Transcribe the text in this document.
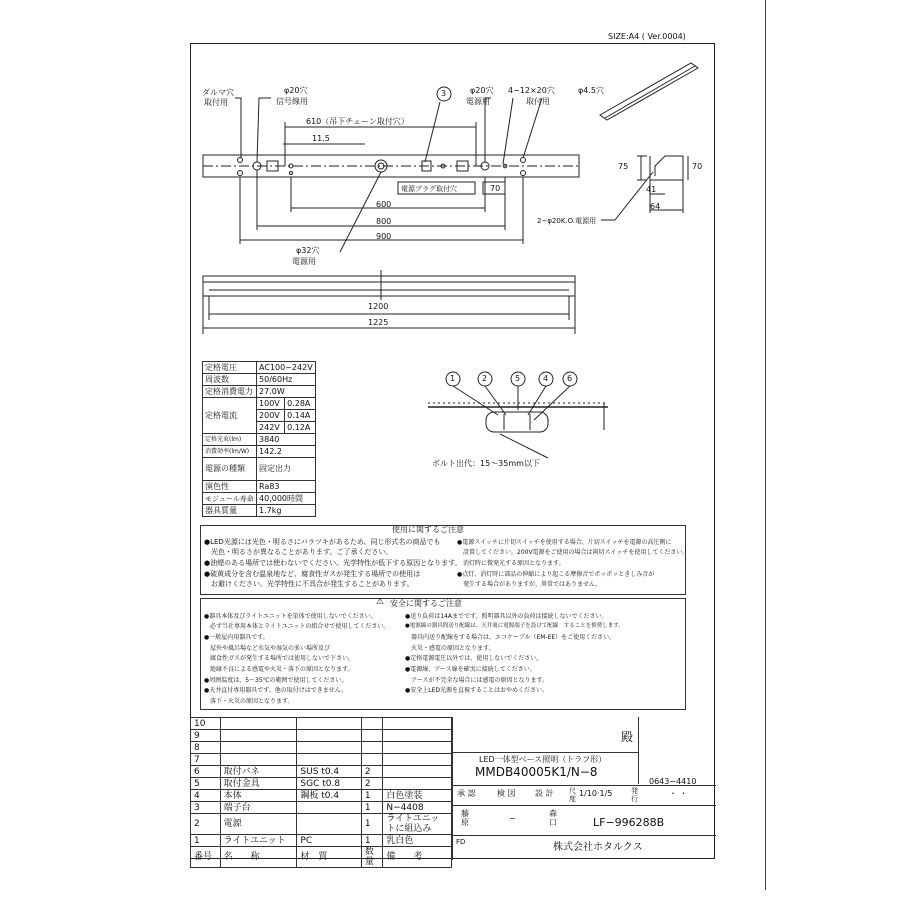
SIZE:A4 ( Ver.0004)
ダルマ穴
取付用
φ20穴
信号線用
3	φ20穴
電源用
4−12×20穴
取付用
φ4.5穴
610（吊下チェーン取付穴）
11.5
電源プラグ取付穴	70
600
800
900
φ32穴
電源用
2−φ20K.O.電源用
75	70
41
64
1200
1225
定格電圧	AC100~242V	
周波数	50/60Hz	
定格消費電力	27.0W	
定格電流	100V	0.28A
	200V	0.14A
	242V	0.12A
定格光束(lm)	3840	
消費効率(lm/W)	142.2	
電源の種類	固定出力	
演色性	Ra83	
モジュール寿命	40,000時間	
器具質量	1.7kg	
1	2	5	4 6
ボルト出代：15～35mm以下
使用に関するご注意
●LED光源には光色・明るさにバラツキがあるため、同じ形式名の商品でも
　光色・明るさが異なることがあります。ご了承ください。
●油煙のある場所では使わないでください。光学特性が低下する原因となります。
●硫黄成分を含む温泉地など、腐食性ガスが発生する場所での使用は
　お避けください。光学特性に不具合が発生することがあります。
●電源スイッチに片切スイッチを使用する場合、片切スイッチを電源の高圧側に
　設置してください。200V電源をご使用の場合は両切スイッチを使用してください。
　消灯時に微発光する原因となります。
●点灯、消灯時に部品の伸縮により起こる摩擦音でポッポッときしみ音が
　発生する場合がありますが、異常ではありません。
⚠ 安全に関するご注意
●器具本体及びライトユニットを単体で使用しないでください。
　必ず当社専用本体とライトユニットの組合せで使用してください。
●一般屋内用器具です。
　屋外や風呂場など水気や湿気の多い場所及び
　腐食性ガスが発生する場所では使用しないで下さい。
　絶縁不良による感電や火災・落下の原因となります。
●周囲温度は、5～35℃の範囲で使用してください。
●天井直付専用器具です。他の取付けはできません。
　落下・火災の原因となります。
●送り負荷は14Aまでです。照明器具以外の負荷は接続しないでください。
●電源線の器具間送り配線は、天井裏に電源端子を設けて配線　することを推奨します。
　器具内送り配線をする場合は、エコケーブル（EM-EE）をご使用ください。
　火災・感電の原因となります。
●定格電源電圧以外では、使用しないでください。
●電源線、アース線を確実に接続してください。
　アースが不完全な場合には感電の原因となります。
●安全上LED光源を直視することはおやめください。
10				
9				
8				
7				
6	取付バネ	SUS t0.4	2	
5	取付金具	SGC t0.8	2	
4	本体	鋼板 t0.4	1	白色塗装
3	端子台		1	N−4408
2	電源		1	ライトユニットに組込み
1	ライトユニット	PC	1	乳白色
番号	名　　称	材　質	数量	備　　考
殿
LED一体型ベース照明（トラフ形）
MMDB40005K1/N−8
0643−4410
承 認	検 図 設 計 尺度
1/10·1/5	発行
・ ・
藤原	−
森口	LF−996288B
FD	株式会社ホタルクス
